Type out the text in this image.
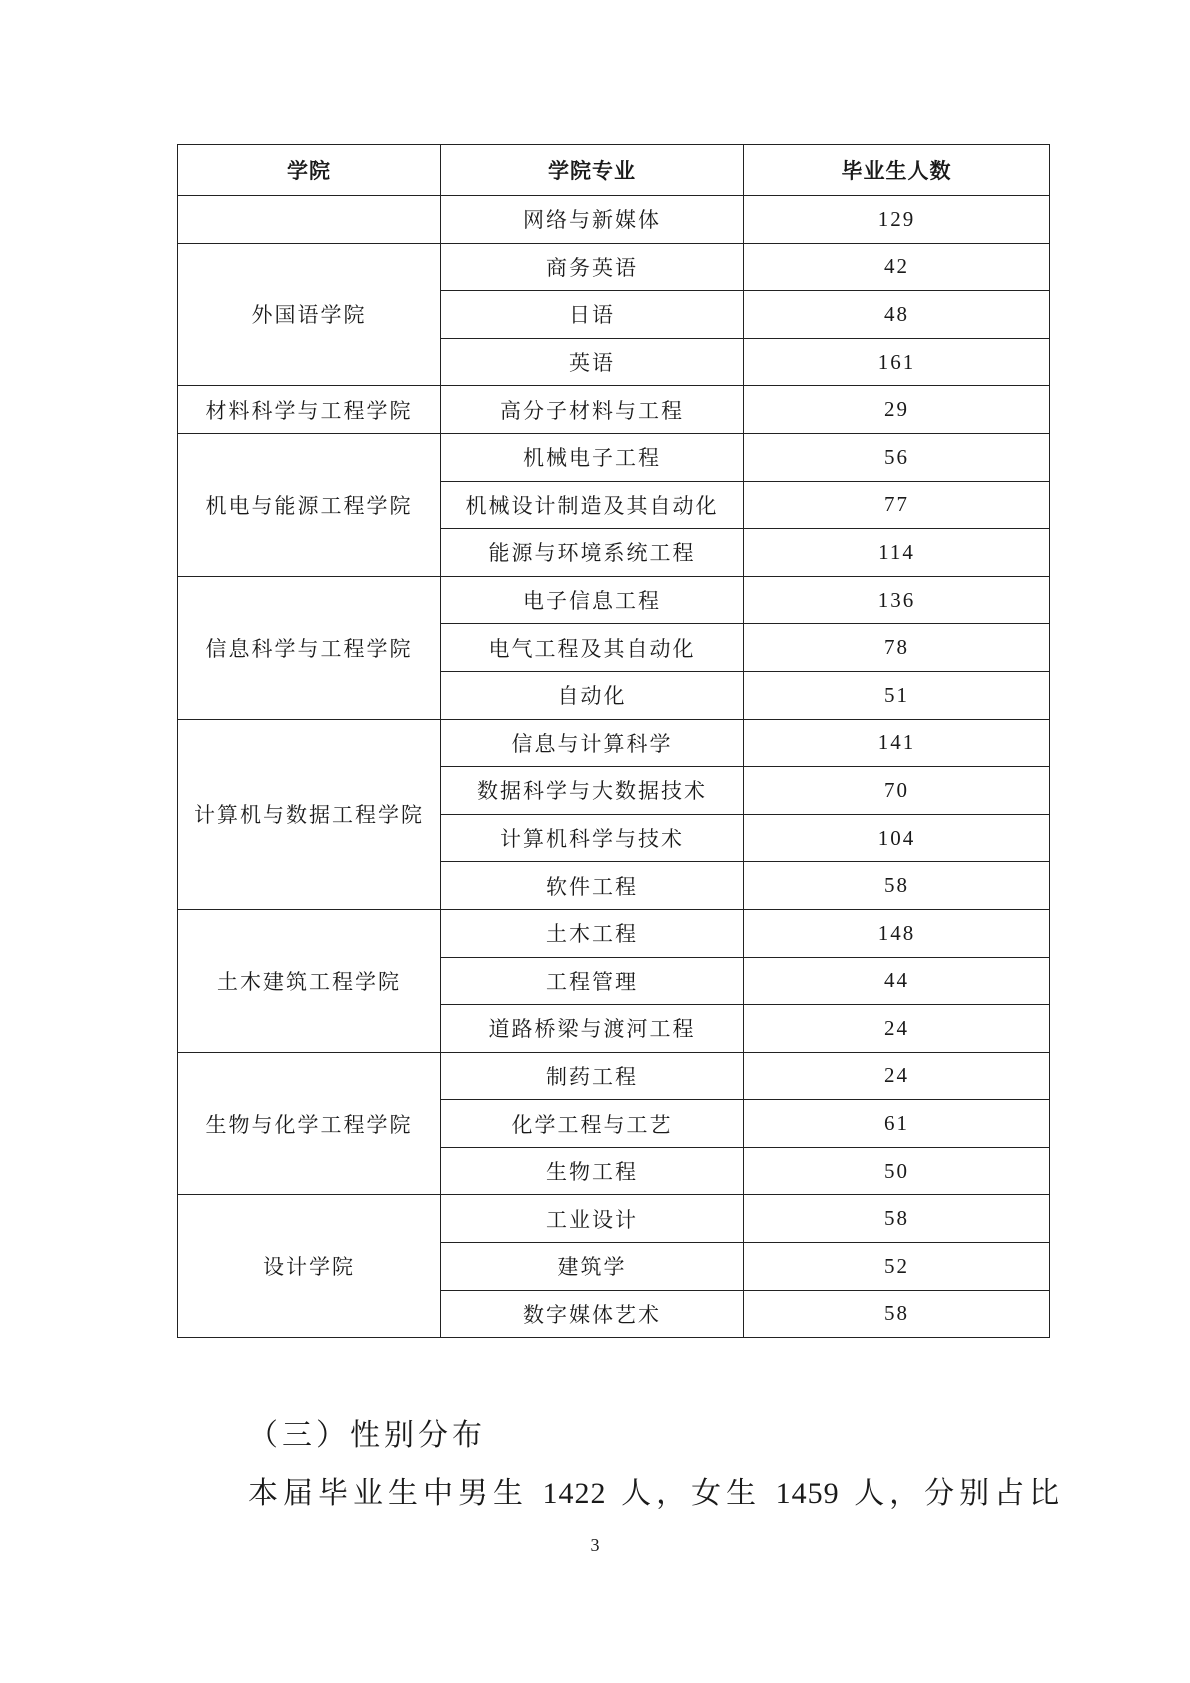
学院	学院专业	毕业生人数
	网络与新媒体	129
外国语学院	商务英语	42
	日语	48
	英语	161
材料科学与工程学院	高分子材料与工程	29
机电与能源工程学院	机械电子工程	56
	机械设计制造及其自动化	77
	能源与环境系统工程	114
信息科学与工程学院	电子信息工程	136
	电气工程及其自动化	78
	自动化	51
计算机与数据工程学院	信息与计算科学	141
	数据科学与大数据技术	70
	计算机科学与技术	104
	软件工程	58
土木建筑工程学院	土木工程	148
	工程管理	44
	道路桥梁与渡河工程	24
生物与化学工程学院	制药工程	24
	化学工程与工艺	61
	生物工程	50
设计学院	工业设计	58
	建筑学	52
	数字媒体艺术	58
（三）性别分布
本届毕业生中男生 1422 人，女生 1459 人，分别占比
3
